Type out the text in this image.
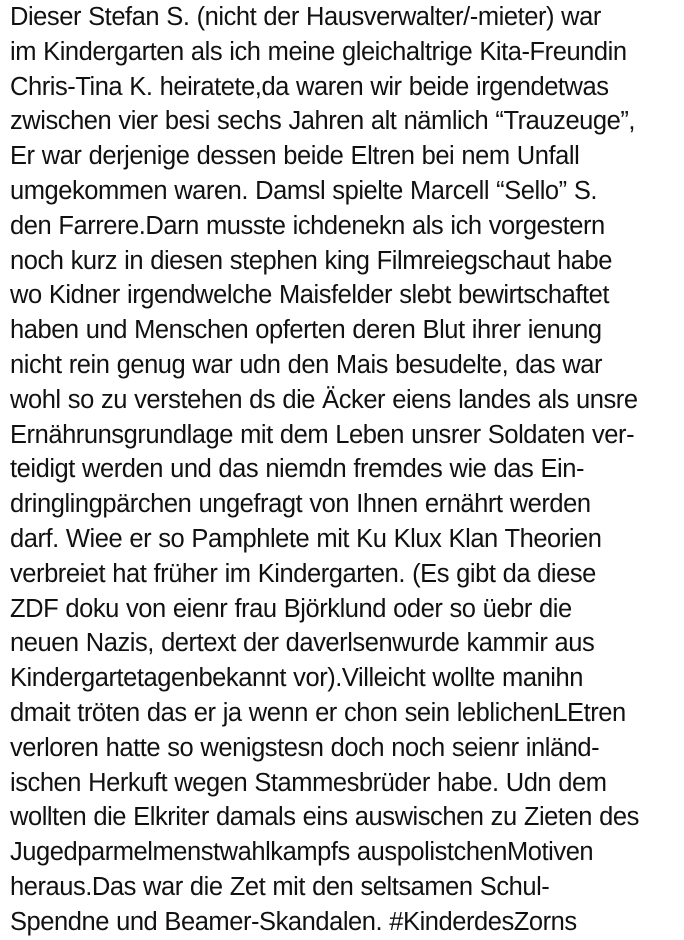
Dieser Stefan S. (nicht der Hausverwalter/-mieter) war
im Kindergarten als ich meine gleichaltrige Kita-Freundin
Chris-Tina K. heiratete,da waren wir beide irgendetwas
zwischen vier besi sechs Jahren alt nämlich “Trauzeuge”,
Er war derjenige dessen beide Eltren bei nem Unfall
umgekommen waren. Damsl spielte Marcell “Sello” S.
den Farrere.Darn musste ichdenekn als ich vorgestern
noch kurz in diesen stephen king Filmreiegschaut habe
wo Kidner irgendwelche Maisfelder slebt bewirtschaftet
haben und Menschen opferten deren Blut ihrer ienung
nicht rein genug war udn den Mais besudelte, das war
wohl so zu verstehen ds die Äcker eiens landes als unsre
Ernährunsgrundlage mit dem Leben unsrer Soldaten ver-
teidigt werden und das niemdn fremdes wie das Ein-
dringlingpärchen ungefragt von Ihnen ernährt werden
darf. Wiee er so Pamphlete mit Ku Klux Klan Theorien
verbreiet hat früher im Kindergarten. (Es gibt da diese
ZDF doku von eienr frau Björklund oder so üebr die
neuen Nazis, dertext der daverlsenwurde kammir aus
Kindergartetagenbekannt vor).Villeicht wollte manihn
dmait tröten das er ja wenn er chon sein leblichenLEtren
verloren hatte so wenigstesn doch noch seienr inländ-
ischen Herkuft wegen Stammesbrüder habe. Udn dem
wollten die Elkriter damals eins auswischen zu Zieten des
Jugedparmelmenstwahlkampfs auspolistchenMotiven
heraus.Das war die Zet mit den seltsamen Schul-
Spendne und Beamer-Skandalen. #KinderdesZorns
